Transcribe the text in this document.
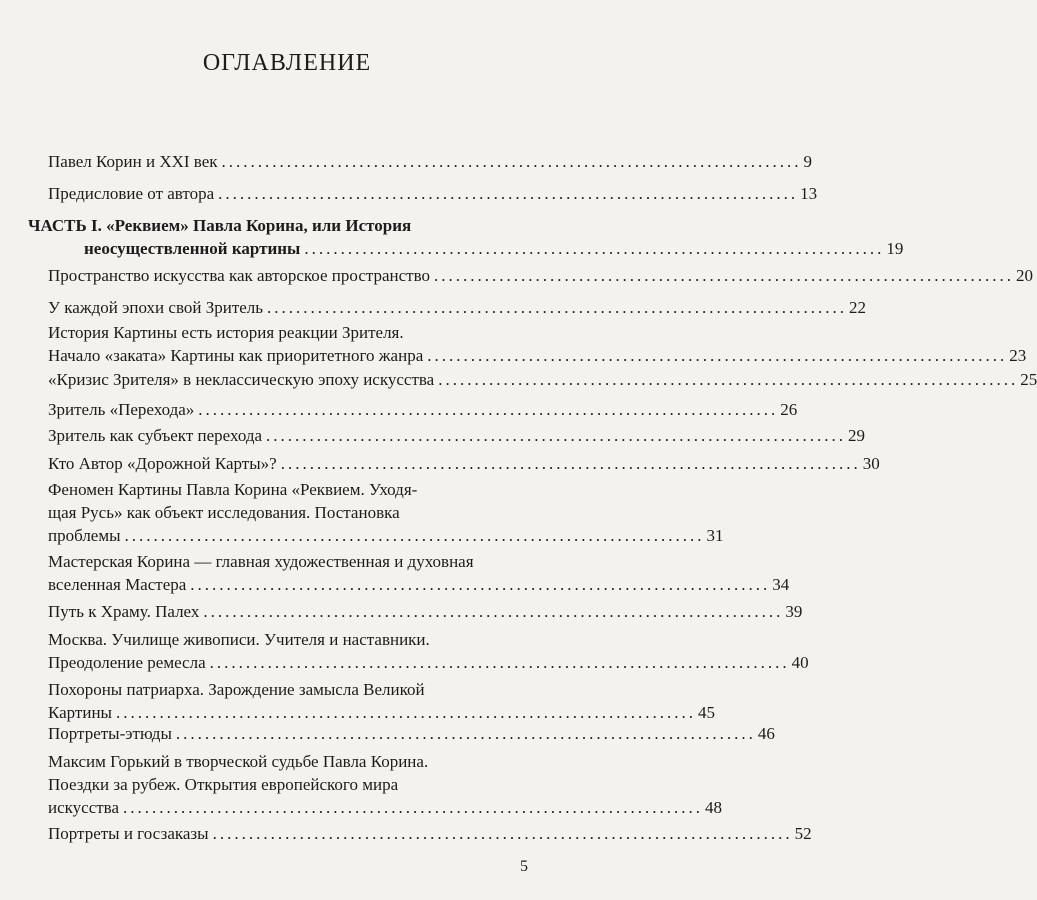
ОГЛАВЛЕНИЕ
Павел Корин и XXI век ................................................................................ 9
Предисловие от автора ................................................................................ 13
ЧАСТЬ I. «Реквием» Павла Корина, или История
неосуществленной картины ................................................................................ 19
Пространство искусства как авторское пространство ................................................................................ 20
У каждой эпохи свой Зритель ................................................................................ 22
История Картины есть история реакции Зрителя.
Начало «заката» Картины как приоритетного жанра ................................................................................ 23
«Кризис Зрителя» в неклассическую эпоху искусства ................................................................................ 25
Зритель «Перехода» ................................................................................ 26
Зритель как субъект перехода ................................................................................ 29
Кто Автор «Дорожной Карты»? ................................................................................ 30
Феномен Картины Павла Корина «Реквием. Уходя-
щая Русь» как объект исследования. Постановка
проблемы ................................................................................ 31
Мастерская Корина — главная художественная и духовная
вселенная Мастера ................................................................................ 34
Путь к Храму. Палех ................................................................................ 39
Москва. Училище живописи. Учителя и наставники.
Преодоление ремесла ................................................................................ 40
Похороны патриарха. Зарождение замысла Великой
Картины ................................................................................ 45
Портреты-этюды ................................................................................ 46
Максим Горький в творческой судьбе Павла Корина.
Поездки за рубеж. Открытия европейского мира
искусства ................................................................................ 48
Портреты и госзаказы ................................................................................ 52
5
